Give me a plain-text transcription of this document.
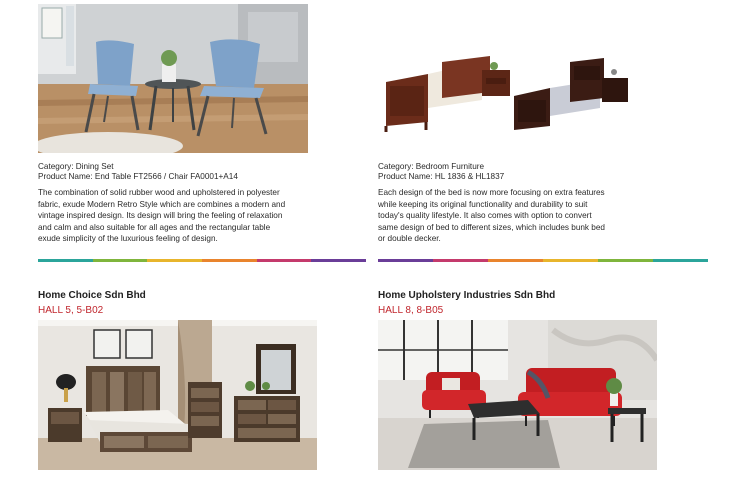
Category: Dining Set
Product Name: End Table FT2566 / Chair FA0001+A14
The combination of solid rubber wood and upholstered in polyester
fabric, exude Modern Retro Style which are combines a modern and
vintage inspired design. Its design will bring the feeling of relaxation
and calm and also suitable for all ages and the rectangular table
exude simplicity of the luxurious feeling of design.
Category: Bedroom Furniture
Product Name: HL 1836 & HL1837
Each design of the bed is now more focusing on extra features
while keeping its original functionality and durability to suit
today's quality lifestyle. It also comes with option to convert
same design of bed to different sizes, which includes bunk bed
or double decker.
Home Choice Sdn Bhd
HALL 5, 5-B02
Home Upholstery Industries Sdn Bhd
HALL 8, 8-B05
